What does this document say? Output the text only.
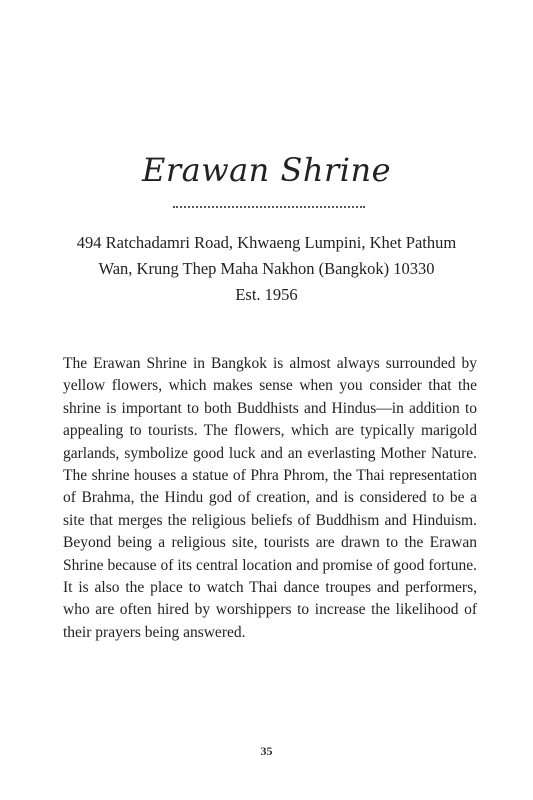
Erawan Shrine
494 Ratchadamri Road, Khwaeng Lumpini, Khet Pathum
Wan, Krung Thep Maha Nakhon (Bangkok) 10330
Est. 1956
The Erawan Shrine in Bangkok is almost always surrounded by yellow flowers, which makes sense when you consider that the shrine is important to both Buddhists and Hindus—in addition to appealing to tourists. The flowers, which are typically marigold garlands, symbolize good luck and an everlasting Mother Nature. The shrine houses a statue of Phra Phrom, the Thai representation of Brahma, the Hindu god of creation, and is considered to be a site that merges the religious beliefs of Buddhism and Hinduism. Beyond being a religious site, tourists are drawn to the Erawan Shrine because of its central location and promise of good fortune. It is also the place to watch Thai dance troupes and performers, who are often hired by worshippers to increase the likelihood of their prayers being answered.
35
